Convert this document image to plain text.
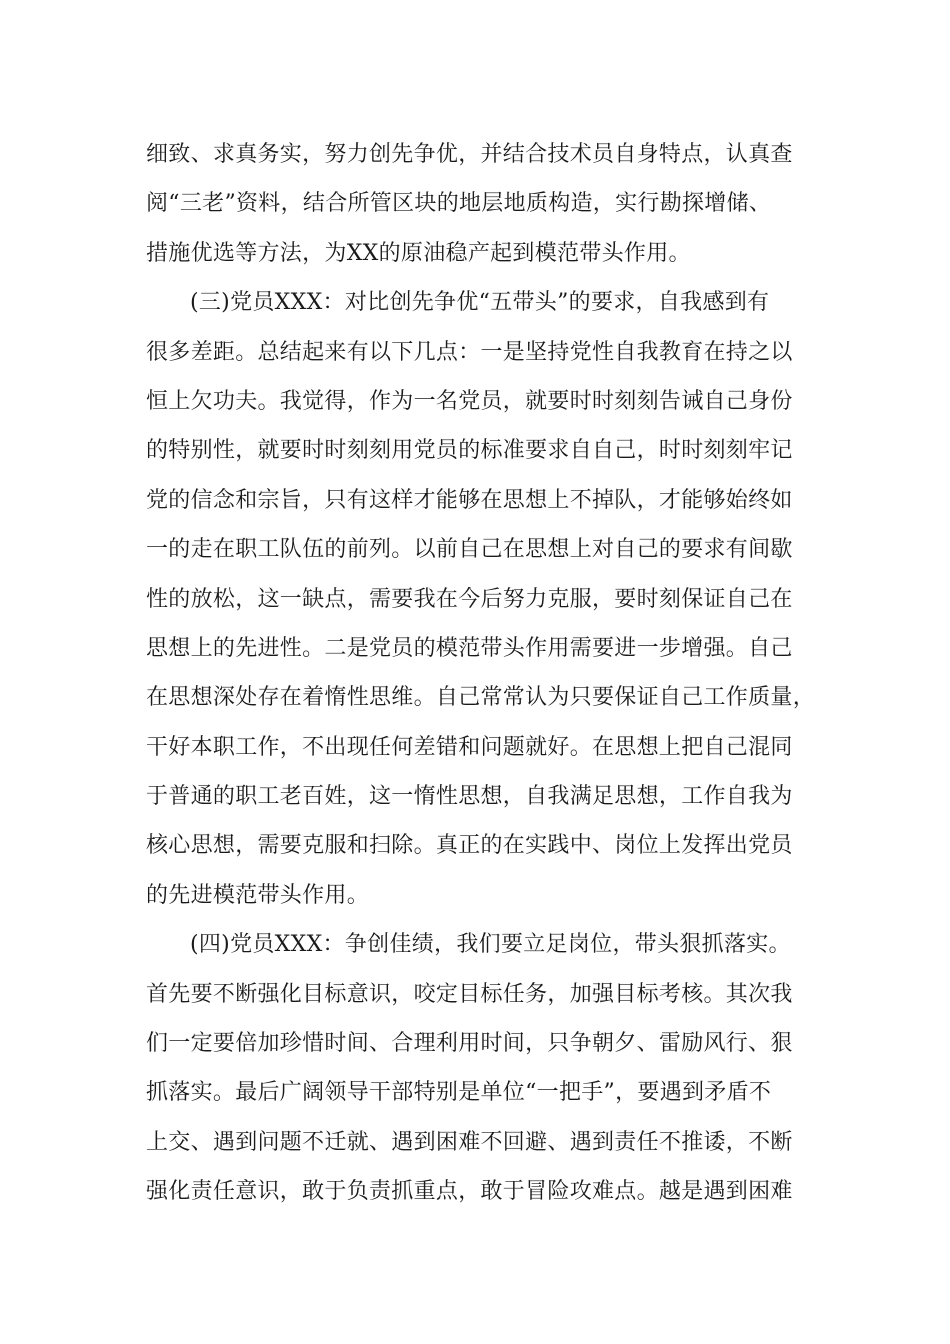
细致、求真务实，努力创先争优，并结合技术员自身特点，认真查
阅“三老”资料，结合所管区块的地层地质构造，实行勘探增储、
措施优选等方法，为XX的原油稳产起到模范带头作用。
(三)党员XXX：对比创先争优“五带头”的要求，自我感到有
很多差距。总结起来有以下几点：一是坚持党性自我教育在持之以
恒上欠功夫。我觉得，作为一名党员，就要时时刻刻告诫自己身份
的特别性，就要时时刻刻用党员的标准要求自自己，时时刻刻牢记
党的信念和宗旨，只有这样才能够在思想上不掉队，才能够始终如
一的走在职工队伍的前列。以前自己在思想上对自己的要求有间歇
性的放松，这一缺点，需要我在今后努力克服，要时刻保证自己在
思想上的先进性。二是党员的模范带头作用需要进一步增强。自己
在思想深处存在着惰性思维。自己常常认为只要保证自己工作质量，
干好本职工作，不出现任何差错和问题就好。在思想上把自己混同
于普通的职工老百姓，这一惰性思想，自我满足思想，工作自我为
核心思想，需要克服和扫除。真正的在实践中、岗位上发挥出党员
的先进模范带头作用。
(四)党员XXX：争创佳绩，我们要立足岗位，带头狠抓落实。
首先要不断强化目标意识，咬定目标任务，加强目标考核。其次我
们一定要倍加珍惜时间、合理利用时间，只争朝夕、雷励风行、狠
抓落实。最后广阔领导干部特别是单位“一把手”，要遇到矛盾不
上交、遇到问题不迁就、遇到困难不回避、遇到责任不推诿，不断
强化责任意识，敢于负责抓重点，敢于冒险攻难点。越是遇到困难
